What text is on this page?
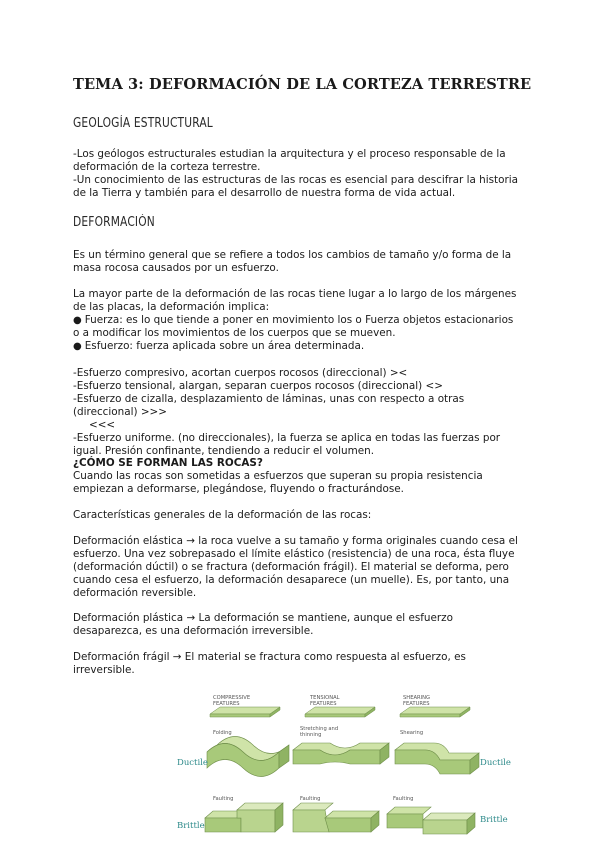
TEMA 3: DEFORMACIÓN DE LA CORTEZA TERRESTRE
GEOLOGÍA ESTRUCTURAL

-Los geólogos estructurales estudian la arquitectura y el proceso responsable de la

deformación de la corteza terrestre.

-Un conocimiento de las estructuras de las rocas es esencial para descifrar la historia

de la Tierra y también para el desarrollo de nuestra forma de vida actual.

DEFORMACIÓN

Es un término general que se refiere a todos los cambios de tamaño y/o forma de la

masa rocosa causados por un esfuerzo.

La mayor parte de la deformación de las rocas tiene lugar a lo largo de los márgenes

de las placas, la deformación implica:

● Fuerza: es lo que tiende a poner en movimiento los o Fuerza objetos estacionarios

o a modificar los movimientos de los cuerpos que se mueven.

● Esfuerzo: fuerza aplicada sobre un área determinada.

-Esfuerzo compresivo, acortan cuerpos rocosos (direccional) ><

-Esfuerzo tensional, alargan, separan cuerpos rocosos (direccional) <>

-Esfuerzo de cizalla, desplazamiento de láminas, unas con respecto a otras

(direccional) >>>

<<<

-Esfuerzo uniforme. (no direccionales), la fuerza se aplica en todas las fuerzas por

igual. Presión confinante, tendiendo a reducir el volumen.

¿CÓMO SE FORMAN LAS ROCAS?

Cuando las rocas son sometidas a esfuerzos que superan su propia resistencia

empiezan a deformarse, plegándose, fluyendo o fracturándose.

Características generales de la deformación de las rocas:

Deformación elástica → la roca vuelve a su tamaño y forma originales cuando cesa el

esfuerzo. Una vez sobrepasado el límite elástico (resistencia) de una roca, ésta fluye

(deformación dúctil) o se fractura (deformación frágil). El material se deforma, pero

cuando cesa el esfuerzo, la deformación desaparece (un muelle). Es, por tanto, una

deformación reversible.

Deformación plástica → La deformación se mantiene, aunque el esfuerzo

desaparezca, es una deformación irreversible.

Deformación frágil → El material se fractura como respuesta al esfuerzo, es

irreversible.

COMPRESSIVE
FEATURES
TENSIONAL
FEATURES
SHEARING
FEATURES
Folding
Stretching and
thinning	Shearing
Ductile	Ductile
Faulting	Faulting	Faulting
Brittle
Brittle
